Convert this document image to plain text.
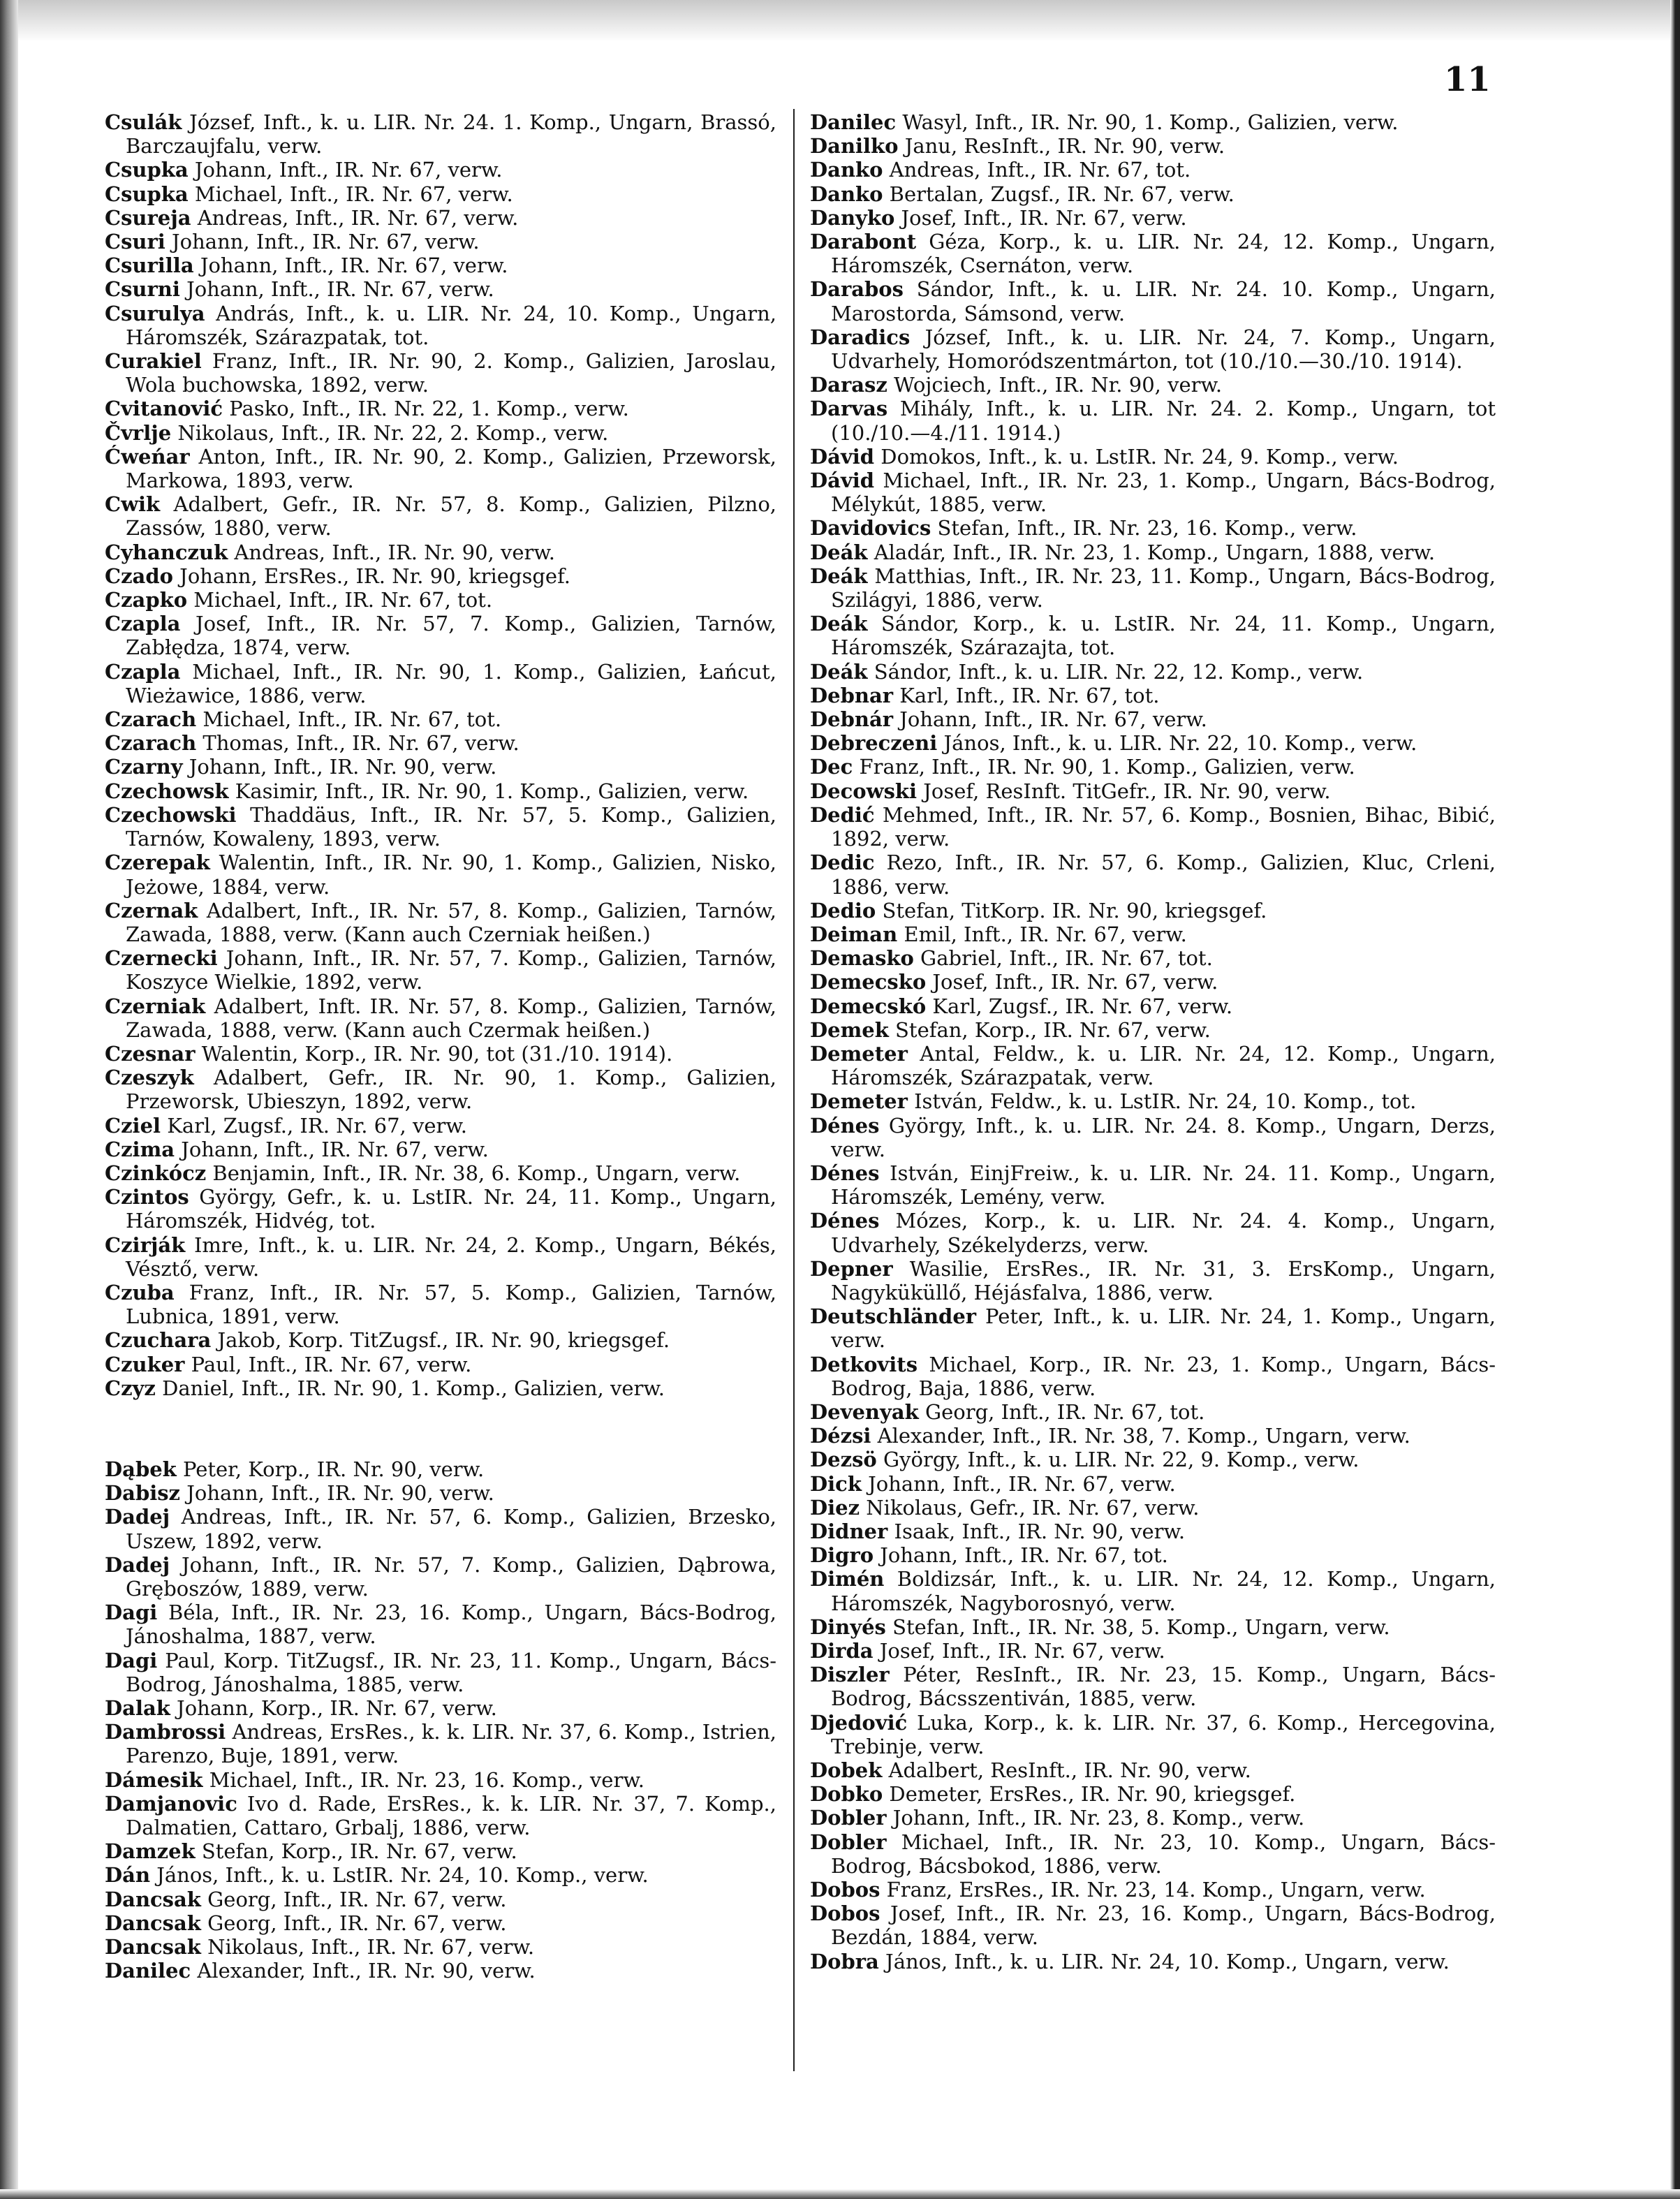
11

Csulák József, Inft., k. u. LIR. Nr. 24. 1. Komp., Ungarn, Brassó, Barczaujfalu, verw.

Csupka Johann, Inft., IR. Nr. 67, verw.

Csupka Michael, Inft., IR. Nr. 67, verw.

Csureja Andreas, Inft., IR. Nr. 67, verw.

Csuri Johann, Inft., IR. Nr. 67, verw.

Csurilla Johann, Inft., IR. Nr. 67, verw.

Csurni Johann, Inft., IR. Nr. 67, verw.

Csurulya András, Inft., k. u. LIR. Nr. 24, 10. Komp., Ungarn, Háromszék, Szárazpatak, tot.

Curakiel Franz, Inft., IR. Nr. 90, 2. Komp., Galizien, Jaroslau, Wola buchowska, 1892, verw.

Cvitanović Pasko, Inft., IR. Nr. 22, 1. Komp., verw.

Čvrlje Nikolaus, Inft., IR. Nr. 22, 2. Komp., verw.

Ćweńar Anton, Inft., IR. Nr. 90, 2. Komp., Galizien, Przeworsk, Markowa, 1893, verw.

Cwik Adalbert, Gefr., IR. Nr. 57, 8. Komp., Galizien, Pilzno, Zassów, 1880, verw.

Cyhanczuk Andreas, Inft., IR. Nr. 90, verw.

Czado Johann, ErsRes., IR. Nr. 90, kriegsgef.

Czapko Michael, Inft., IR. Nr. 67, tot.

Czapla Josef, Inft., IR. Nr. 57, 7. Komp., Galizien, Tarnów, Zabłędza, 1874, verw.

Czapla Michael, Inft., IR. Nr. 90, 1. Komp., Galizien, Łańcut, Wieżawice, 1886, verw.

Czarach Michael, Inft., IR. Nr. 67, tot.

Czarach Thomas, Inft., IR. Nr. 67, verw.

Czarny Johann, Inft., IR. Nr. 90, verw.

Czechowsk Kasimir, Inft., IR. Nr. 90, 1. Komp., Galizien, verw.

Czechowski Thaddäus, Inft., IR. Nr. 57, 5. Komp., Galizien, Tarnów, Kowaleny, 1893, verw.

Czerepak Walentin, Inft., IR. Nr. 90, 1. Komp., Galizien, Nisko, Jeżowe, 1884, verw.

Czernak Adalbert, Inft., IR. Nr. 57, 8. Komp., Galizien, Tarnów, Zawada, 1888, verw. (Kann auch Czerniak heißen.)

Czernecki Johann, Inft., IR. Nr. 57, 7. Komp., Galizien, Tarnów, Koszyce Wielkie, 1892, verw.

Czerniak Adalbert, Inft. IR. Nr. 57, 8. Komp., Galizien, Tarnów, Zawada, 1888, verw. (Kann auch Czermak heißen.)

Czesnar Walentin, Korp., IR. Nr. 90, tot (31./10. 1914).

Czeszyk Adalbert, Gefr., IR. Nr. 90, 1. Komp., Galizien, Przeworsk, Ubieszyn, 1892, verw.

Cziel Karl, Zugsf., IR. Nr. 67, verw.

Czima Johann, Inft., IR. Nr. 67, verw.

Czinkócz Benjamin, Inft., IR. Nr. 38, 6. Komp., Ungarn, verw.

Czintos György, Gefr., k. u. LstIR. Nr. 24, 11. Komp., Ungarn, Háromszék, Hidvég, tot.

Czirják Imre, Inft., k. u. LIR. Nr. 24, 2. Komp., Ungarn, Békés, Vésztő, verw.

Czuba Franz, Inft., IR. Nr. 57, 5. Komp., Galizien, Tarnów, Lubnica, 1891, verw.

Czuchara Jakob, Korp. TitZugsf., IR. Nr. 90, kriegsgef.

Czuker Paul, Inft., IR. Nr. 67, verw.

Czyz Daniel, Inft., IR. Nr. 90, 1. Komp., Galizien, verw.

Dąbek Peter, Korp., IR. Nr. 90, verw.

Dabisz Johann, Inft., IR. Nr. 90, verw.

Dadej Andreas, Inft., IR. Nr. 57, 6. Komp., Galizien, Brzesko, Uszew, 1892, verw.

Dadej Johann, Inft., IR. Nr. 57, 7. Komp., Galizien, Dąbrowa, Gręboszów, 1889, verw.

Dagi Béla, Inft., IR. Nr. 23, 16. Komp., Ungarn, Bács-Bodrog, Jánoshalma, 1887, verw.

Dagi Paul, Korp. TitZugsf., IR. Nr. 23, 11. Komp., Ungarn, Bács-Bodrog, Jánoshalma, 1885, verw.

Dalak Johann, Korp., IR. Nr. 67, verw.

Dambrossi Andreas, ErsRes., k. k. LIR. Nr. 37, 6. Komp., Istrien, Parenzo, Buje, 1891, verw.

Dámesik Michael, Inft., IR. Nr. 23, 16. Komp., verw.

Damjanovic Ivo d. Rade, ErsRes., k. k. LIR. Nr. 37, 7. Komp., Dalmatien, Cattaro, Grbalj, 1886, verw.

Damzek Stefan, Korp., IR. Nr. 67, verw.

Dán János, Inft., k. u. LstIR. Nr. 24, 10. Komp., verw.

Dancsak Georg, Inft., IR. Nr. 67, verw.

Dancsak Georg, Inft., IR. Nr. 67, verw.

Dancsak Nikolaus, Inft., IR. Nr. 67, verw.

Danilec Alexander, Inft., IR. Nr. 90, verw.

Danilec Wasyl, Inft., IR. Nr. 90, 1. Komp., Galizien, verw.

Danilko Janu, ResInft., IR. Nr. 90, verw.

Danko Andreas, Inft., IR. Nr. 67, tot.

Danko Bertalan, Zugsf., IR. Nr. 67, verw.

Danyko Josef, Inft., IR. Nr. 67, verw.

Darabont Géza, Korp., k. u. LIR. Nr. 24, 12. Komp., Ungarn, Háromszék, Csernáton, verw.

Darabos Sándor, Inft., k. u. LIR. Nr. 24. 10. Komp., Ungarn, Marostorda, Sámsond, verw.

Daradics József, Inft., k. u. LIR. Nr. 24, 7. Komp., Ungarn, Udvarhely, Homoródszentmárton, tot (10./10.—30./10. 1914).

Darasz Wojciech, Inft., IR. Nr. 90, verw.

Darvas Mihály, Inft., k. u. LIR. Nr. 24. 2. Komp., Ungarn, tot (10./10.—4./11. 1914.)

Dávid Domokos, Inft., k. u. LstIR. Nr. 24, 9. Komp., verw.

Dávid Michael, Inft., IR. Nr. 23, 1. Komp., Ungarn, Bács-Bodrog, Mélykút, 1885, verw.

Davidovics Stefan, Inft., IR. Nr. 23, 16. Komp., verw.

Deák Aladár, Inft., IR. Nr. 23, 1. Komp., Ungarn, 1888, verw.

Deák Matthias, Inft., IR. Nr. 23, 11. Komp., Ungarn, Bács-Bodrog, Szilágyi, 1886, verw.

Deák Sándor, Korp., k. u. LstIR. Nr. 24, 11. Komp., Ungarn, Háromszék, Szárazajta, tot.

Deák Sándor, Inft., k. u. LIR. Nr. 22, 12. Komp., verw.

Debnar Karl, Inft., IR. Nr. 67, tot.

Debnár Johann, Inft., IR. Nr. 67, verw.

Debreczeni János, Inft., k. u. LIR. Nr. 22, 10. Komp., verw.

Dec Franz, Inft., IR. Nr. 90, 1. Komp., Galizien, verw.

Decowski Josef, ResInft. TitGefr., IR. Nr. 90, verw.

Dedić Mehmed, Inft., IR. Nr. 57, 6. Komp., Bosnien, Bihac, Bibić, 1892, verw.

Dedic Rezo, Inft., IR. Nr. 57, 6. Komp., Galizien, Kluc, Crleni, 1886, verw.

Dedio Stefan, TitKorp. IR. Nr. 90, kriegsgef.

Deiman Emil, Inft., IR. Nr. 67, verw.

Demasko Gabriel, Inft., IR. Nr. 67, tot.

Demecsko Josef, Inft., IR. Nr. 67, verw.

Demecskó Karl, Zugsf., IR. Nr. 67, verw.

Demek Stefan, Korp., IR. Nr. 67, verw.

Demeter Antal, Feldw., k. u. LIR. Nr. 24, 12. Komp., Ungarn, Háromszék, Szárazpatak, verw.

Demeter István, Feldw., k. u. LstIR. Nr. 24, 10. Komp., tot.

Dénes György, Inft., k. u. LIR. Nr. 24. 8. Komp., Ungarn, Derzs, verw.

Dénes István, EinjFreiw., k. u. LIR. Nr. 24. 11. Komp., Ungarn, Háromszék, Lemény, verw.

Dénes Mózes, Korp., k. u. LIR. Nr. 24. 4. Komp., Ungarn, Udvarhely, Székelyderzs, verw.

Depner Wasilie, ErsRes., IR. Nr. 31, 3. ErsKomp., Ungarn, Nagyküküllő, Héjásfalva, 1886, verw.

Deutschländer Peter, Inft., k. u. LIR. Nr. 24, 1. Komp., Ungarn, verw.

Detkovits Michael, Korp., IR. Nr. 23, 1. Komp., Ungarn, Bács-Bodrog, Baja, 1886, verw.

Devenyak Georg, Inft., IR. Nr. 67, tot.

Dézsi Alexander, Inft., IR. Nr. 38, 7. Komp., Ungarn, verw.

Dezsö György, Inft., k. u. LIR. Nr. 22, 9. Komp., verw.

Dick Johann, Inft., IR. Nr. 67, verw.

Diez Nikolaus, Gefr., IR. Nr. 67, verw.

Didner Isaak, Inft., IR. Nr. 90, verw.

Digro Johann, Inft., IR. Nr. 67, tot.

Dimén Boldizsár, Inft., k. u. LIR. Nr. 24, 12. Komp., Ungarn, Háromszék, Nagyborosnyó, verw.

Dinyés Stefan, Inft., IR. Nr. 38, 5. Komp., Ungarn, verw.

Dirda Josef, Inft., IR. Nr. 67, verw.

Diszler Péter, ResInft., IR. Nr. 23, 15. Komp., Ungarn, Bács-Bodrog, Bácsszentiván, 1885, verw.

Djedović Luka, Korp., k. k. LIR. Nr. 37, 6. Komp., Hercegovina, Trebinje, verw.

Dobek Adalbert, ResInft., IR. Nr. 90, verw.

Dobko Demeter, ErsRes., IR. Nr. 90, kriegsgef.

Dobler Johann, Inft., IR. Nr. 23, 8. Komp., verw.

Dobler Michael, Inft., IR. Nr. 23, 10. Komp., Ungarn, Bács-Bodrog, Bácsbokod, 1886, verw.

Dobos Franz, ErsRes., IR. Nr. 23, 14. Komp., Ungarn, verw.

Dobos Josef, Inft., IR. Nr. 23, 16. Komp., Ungarn, Bács-Bodrog, Bezdán, 1884, verw.

Dobra János, Inft., k. u. LIR. Nr. 24, 10. Komp., Ungarn, verw.
